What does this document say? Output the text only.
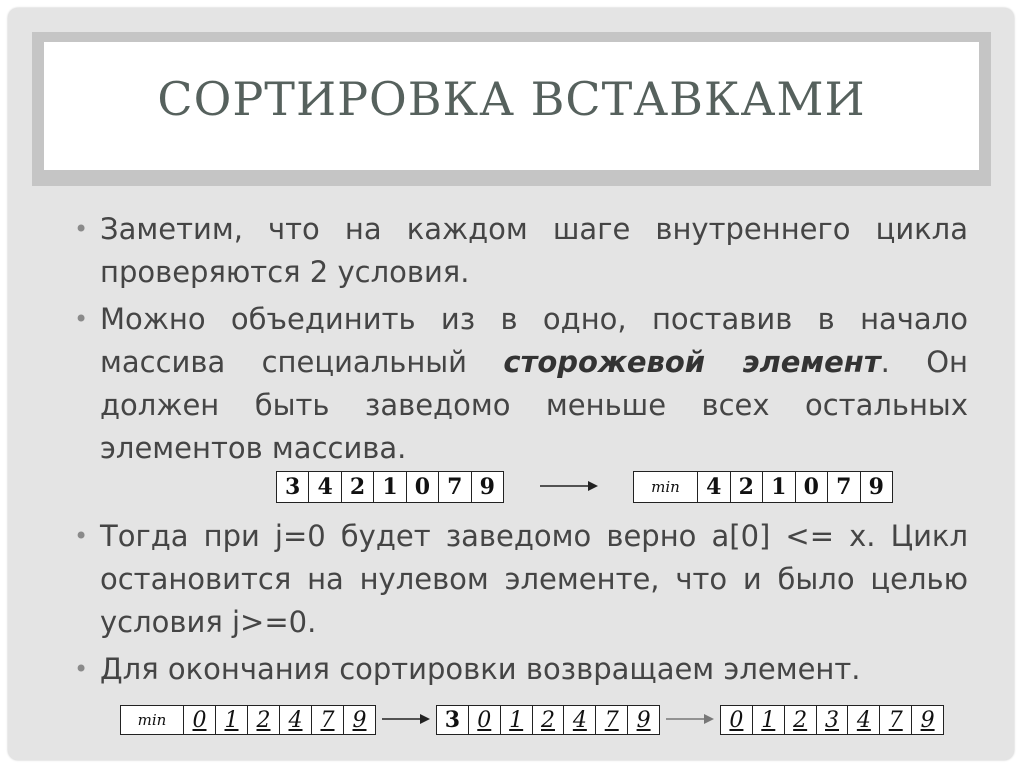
СОРТИРОВКА ВСТАВКАМИ
• Заметим, что на каждом шаге внутреннего цикла проверяются 2 условия.
• Можно объединить из в одно, поставив в начало массива специальный сторожевой элемент. Он должен быть заведомо меньше всех остальных элементов массива.
3 4 2 1 0 7 9	min	4 2 1 0 7 9
• Тогда при j=0 будет заведомо верно a[0] <= x. Цикл остановится на нулевом элементе, что и было целью условия j>=0.
• Для окончания сортировки возвращаем элемент.
min	0 1 2 4 7 9	3 0 1 2 4 7 9	0 1 2 3 4 7 9
